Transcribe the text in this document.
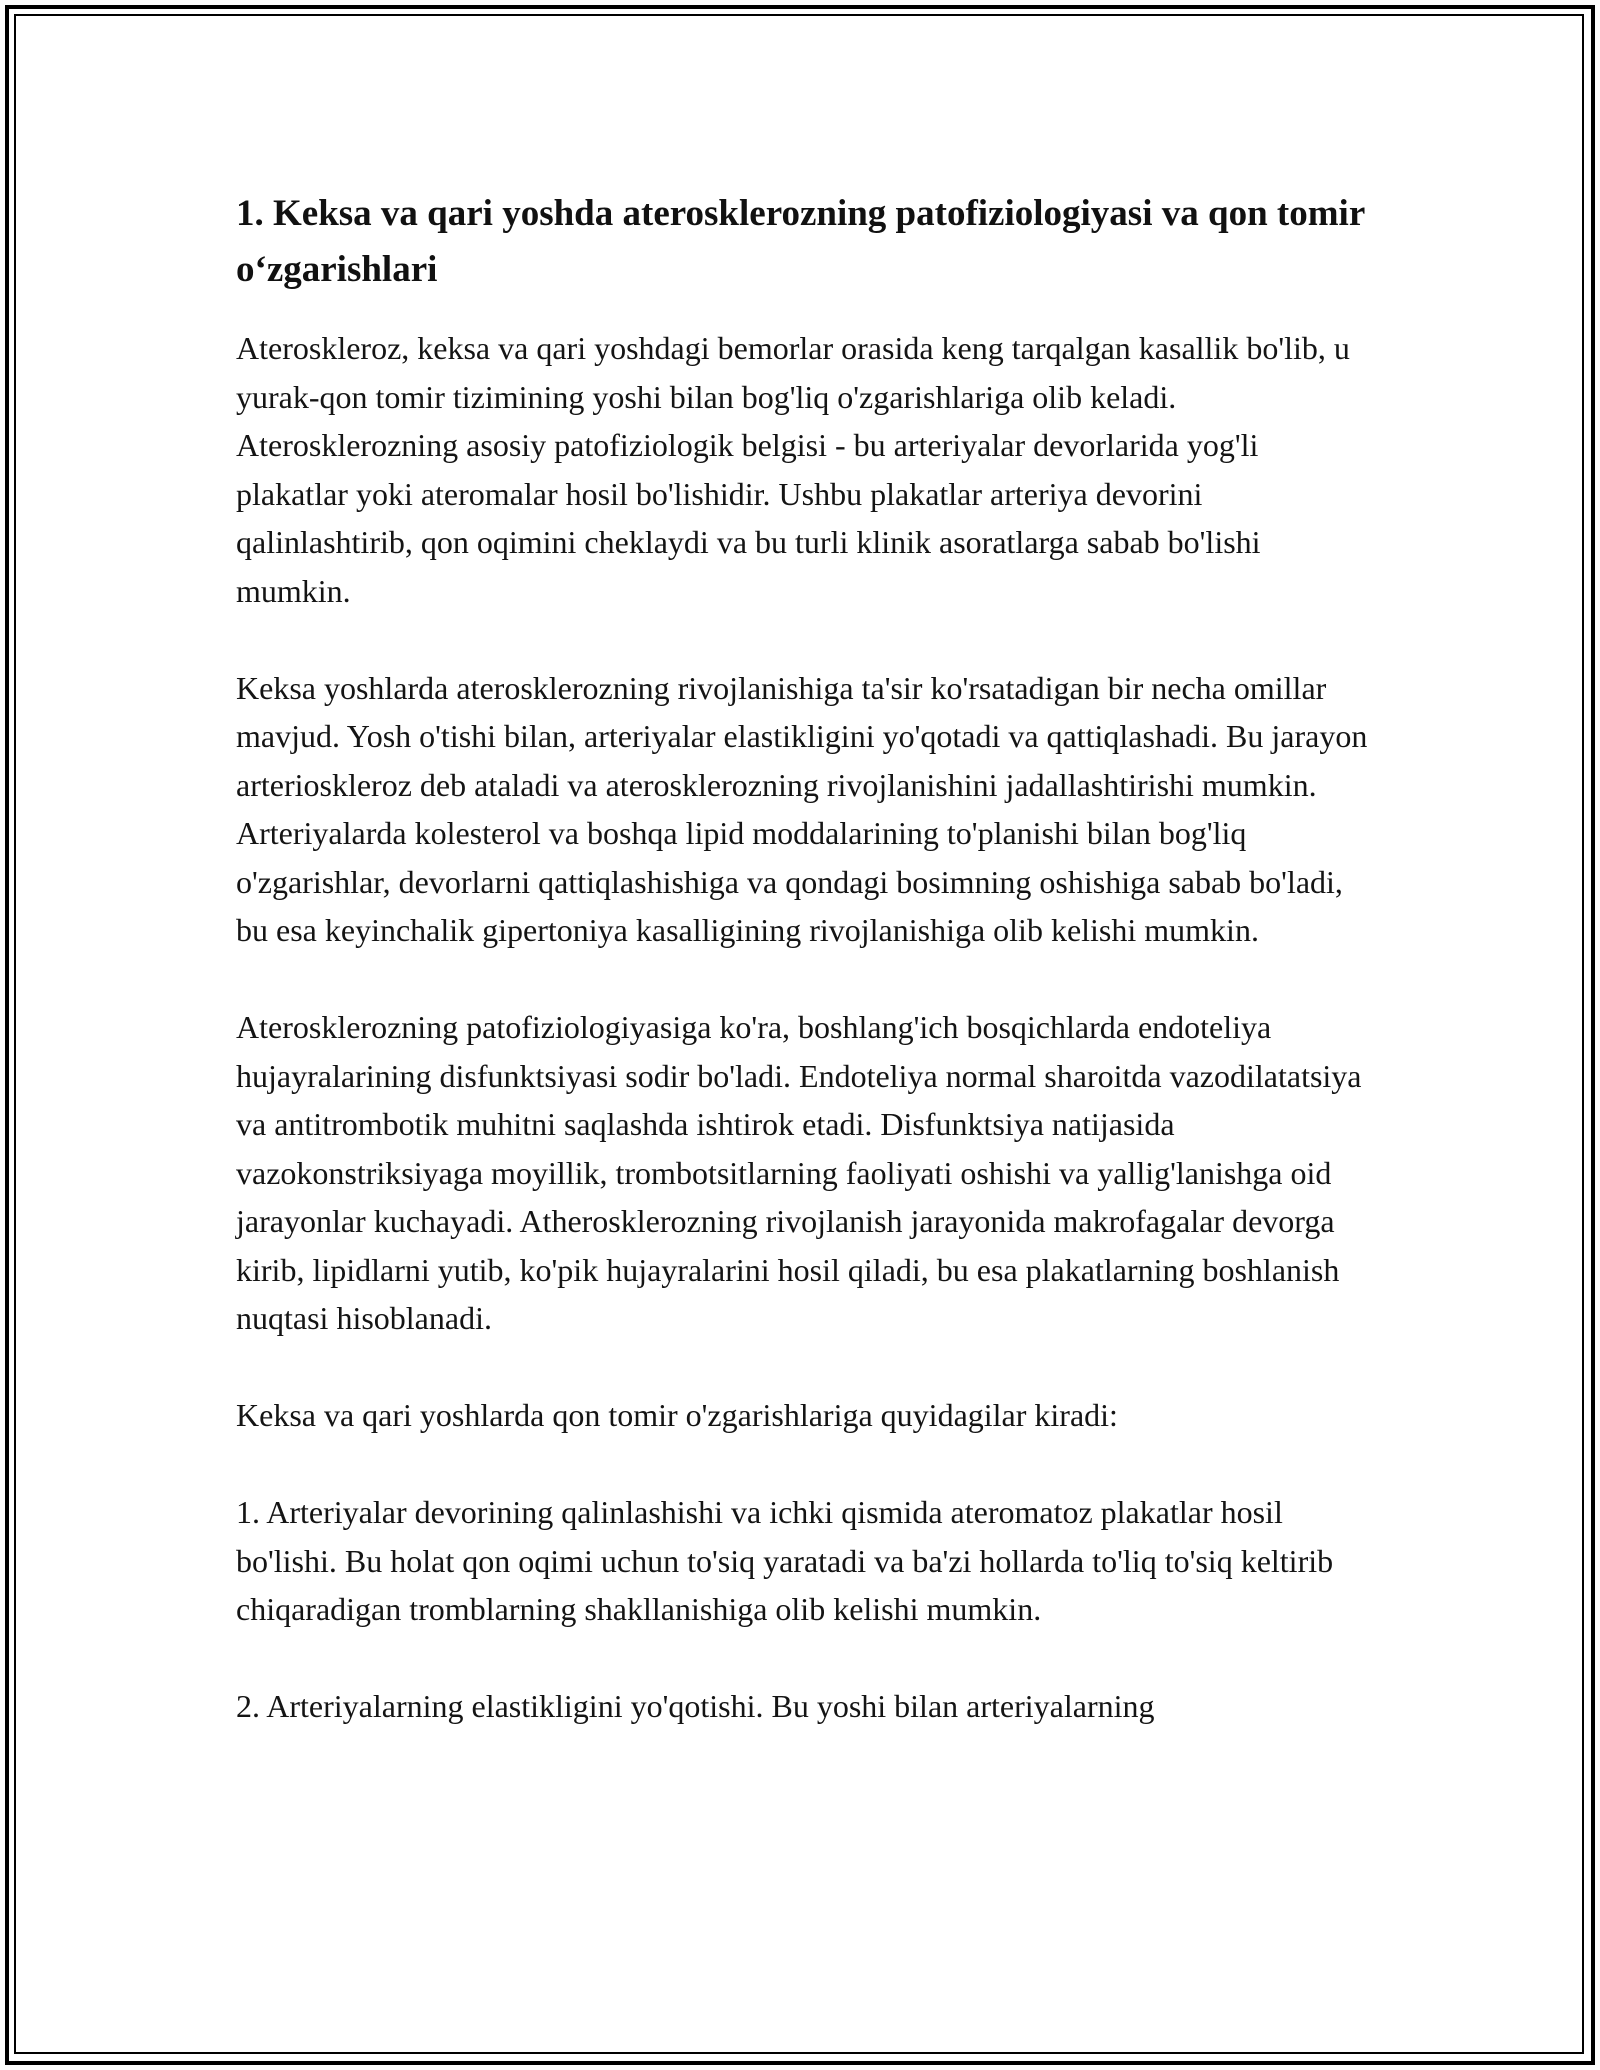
1. Keksa va qari yoshda aterosklerozning patofiziologiyasi va qon tomir o‘zgarishlari

Ateroskleroz, keksa va qari yoshdagi bemorlar orasida keng tarqalgan kasallik bo'lib, u yurak-qon tomir tizimining yoshi bilan bog'liq o'zgarishlariga olib keladi. Aterosklerozning asosiy patofiziologik belgisi - bu arteriyalar devorlarida yog'li plakatlar yoki ateromalar hosil bo'lishidir. Ushbu plakatlar arteriya devorini qalinlashtirib, qon oqimini cheklaydi va bu turli klinik asoratlarga sabab bo'lishi mumkin.

Keksa yoshlarda aterosklerozning rivojlanishiga ta'sir ko'rsatadigan bir necha omillar mavjud. Yosh o'tishi bilan, arteriyalar elastikligini yo'qotadi va qattiqlashadi. Bu jarayon arterioskleroz deb ataladi va aterosklerozning rivojlanishini jadallashtirishi mumkin. Arteriyalarda kolesterol va boshqa lipid moddalarining to'planishi bilan bog'liq o'zgarishlar, devorlarni qattiqlashishiga va qondagi bosimning oshishiga sabab bo'ladi, bu esa keyinchalik gipertoniya kasalligining rivojlanishiga olib kelishi mumkin.

Aterosklerozning patofiziologiyasiga ko'ra, boshlang'ich bosqichlarda endoteliya hujayralarining disfunktsiyasi sodir bo'ladi. Endoteliya normal sharoitda vazodilatatsiya va antitrombotik muhitni saqlashda ishtirok etadi. Disfunktsiya natijasida vazokonstriksiyaga moyillik, trombotsitlarning faoliyati oshishi va yallig'lanishga oid jarayonlar kuchayadi. Atherosklerozning rivojlanish jarayonida makrofagalar devorga kirib, lipidlarni yutib, ko'pik hujayralarini hosil qiladi, bu esa plakatlarning boshlanish nuqtasi hisoblanadi.

Keksa va qari yoshlarda qon tomir o'zgarishlariga quyidagilar kiradi:

1. Arteriyalar devorining qalinlashishi va ichki qismida ateromatoz plakatlar hosil bo'lishi. Bu holat qon oqimi uchun to'siq yaratadi va ba'zi hollarda to'liq to'siq keltirib chiqaradigan tromblarning shakllanishiga olib kelishi mumkin.

2. Arteriyalarning elastikligini yo'qotishi. Bu yoshi bilan arteriyalarning
